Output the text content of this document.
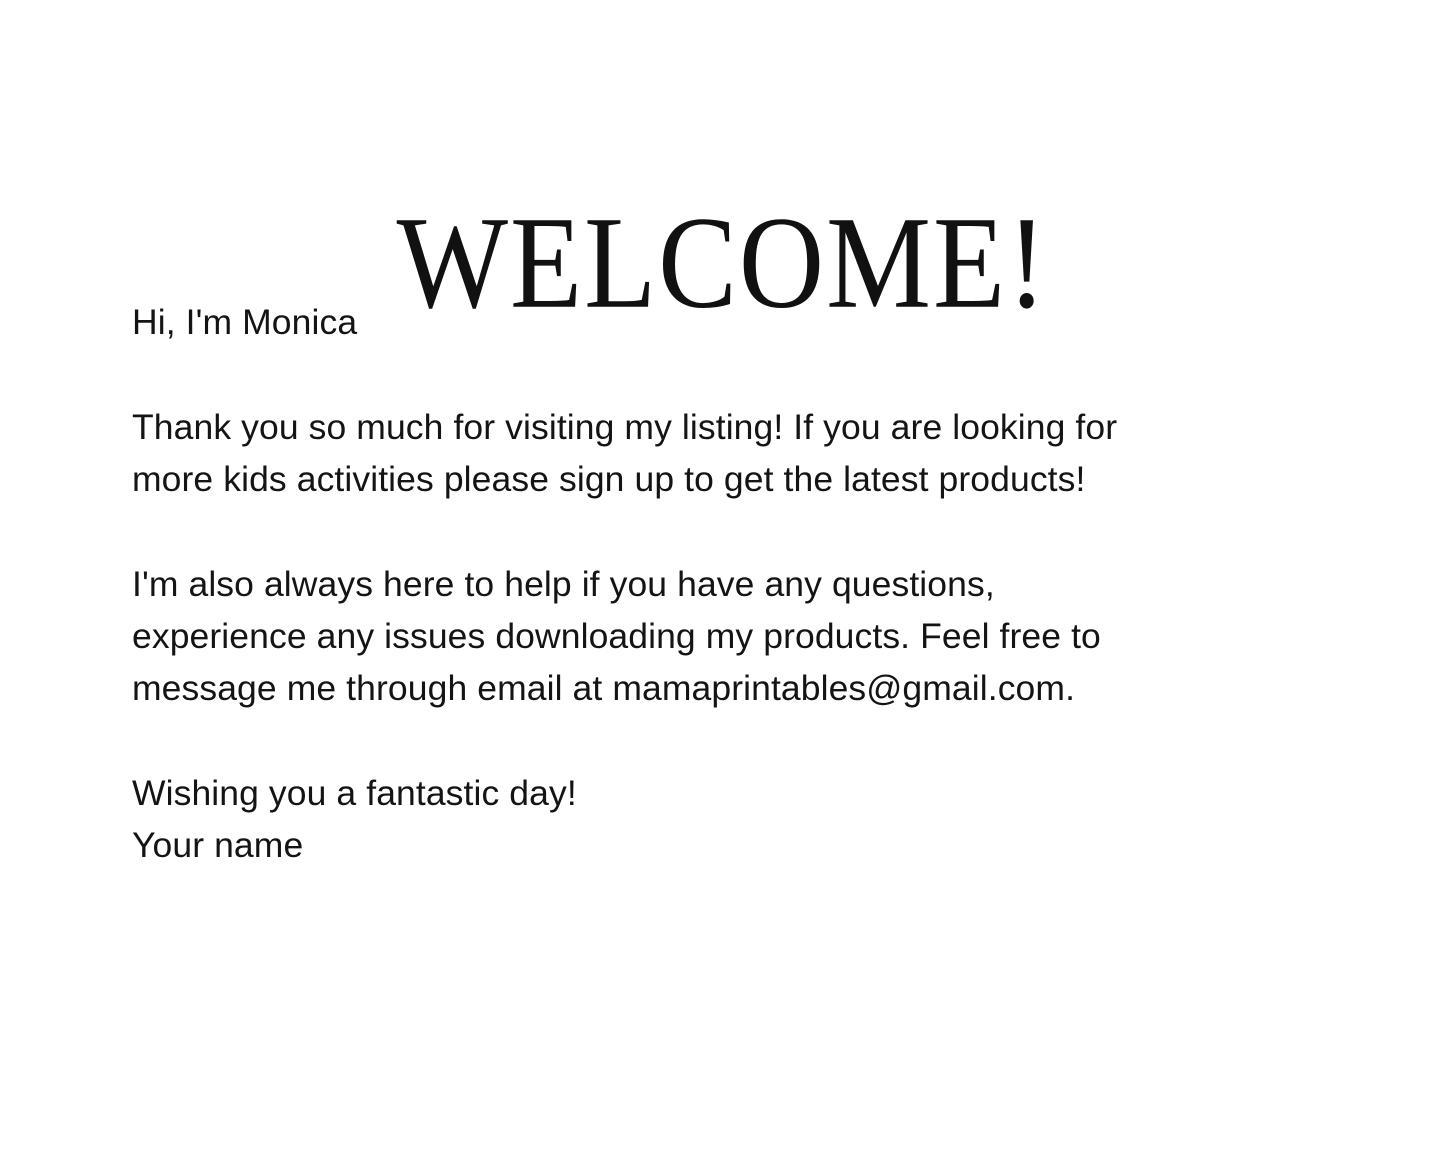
WELCOME!

Hi, I'm Monica

Thank you so much for visiting my listing! If you are looking for

more kids activities please sign up to get the latest products!

I'm also always here to help if you have any questions,

experience any issues downloading my products. Feel free to

message me through email at mamaprintables@gmail.com.

Wishing you a fantastic day!

Your name
